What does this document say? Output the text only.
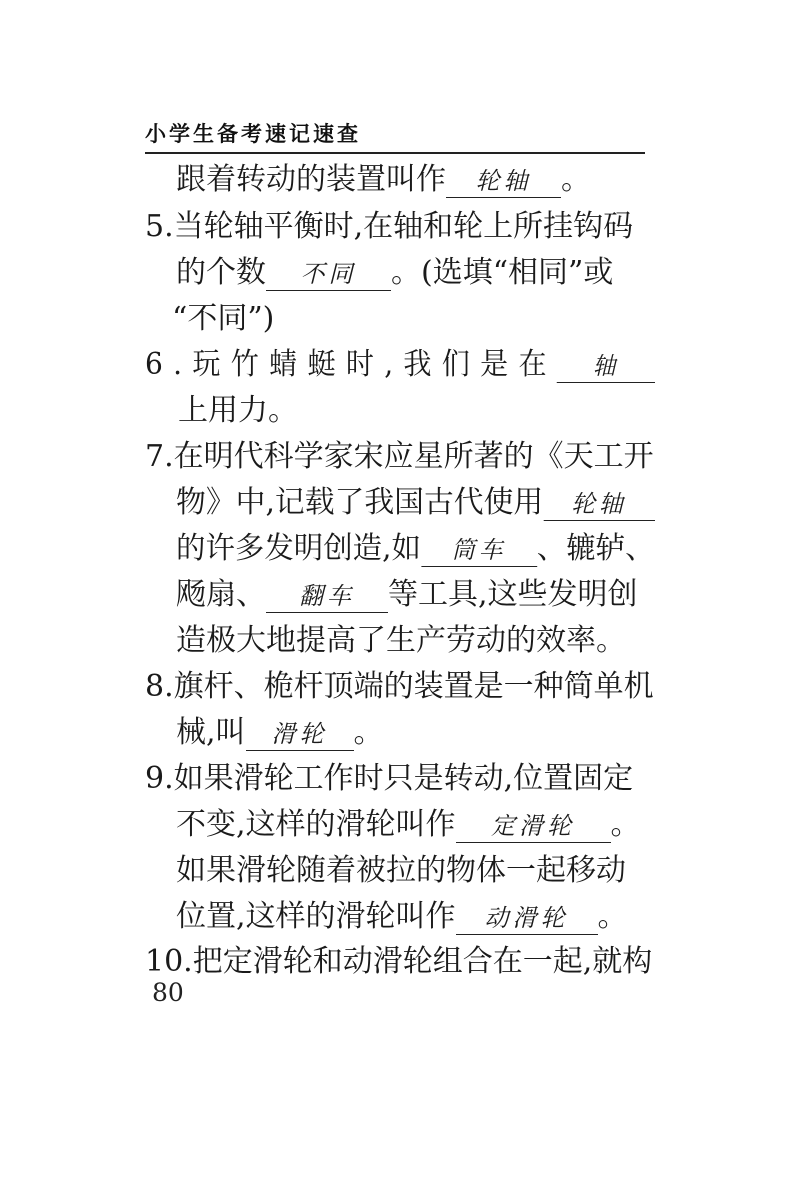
小学生备考速记速查
跟着转动的装置叫作 轮轴 。
5.当轮轴平衡时,在轴和轮上所挂钩码
的个数 不同 。(选填“相同”或
“不同”)
6.玩竹蜻蜓时,我们是在 轴
上用力。
7.在明代科学家宋应星所著的《天工开
物》中,记载了我国古代使用 轮轴
的许多发明创造,如 筒车 、辘轳、
飏扇、 翻车 等工具,这些发明创
造极大地提高了生产劳动的效率。
8.旗杆、桅杆顶端的装置是一种简单机
械,叫 滑轮 。
9.如果滑轮工作时只是转动,位置固定
不变,这样的滑轮叫作 定滑轮 。
如果滑轮随着被拉的物体一起移动
位置,这样的滑轮叫作 动滑轮 。
10.把定滑轮和动滑轮组合在一起,就构
80
